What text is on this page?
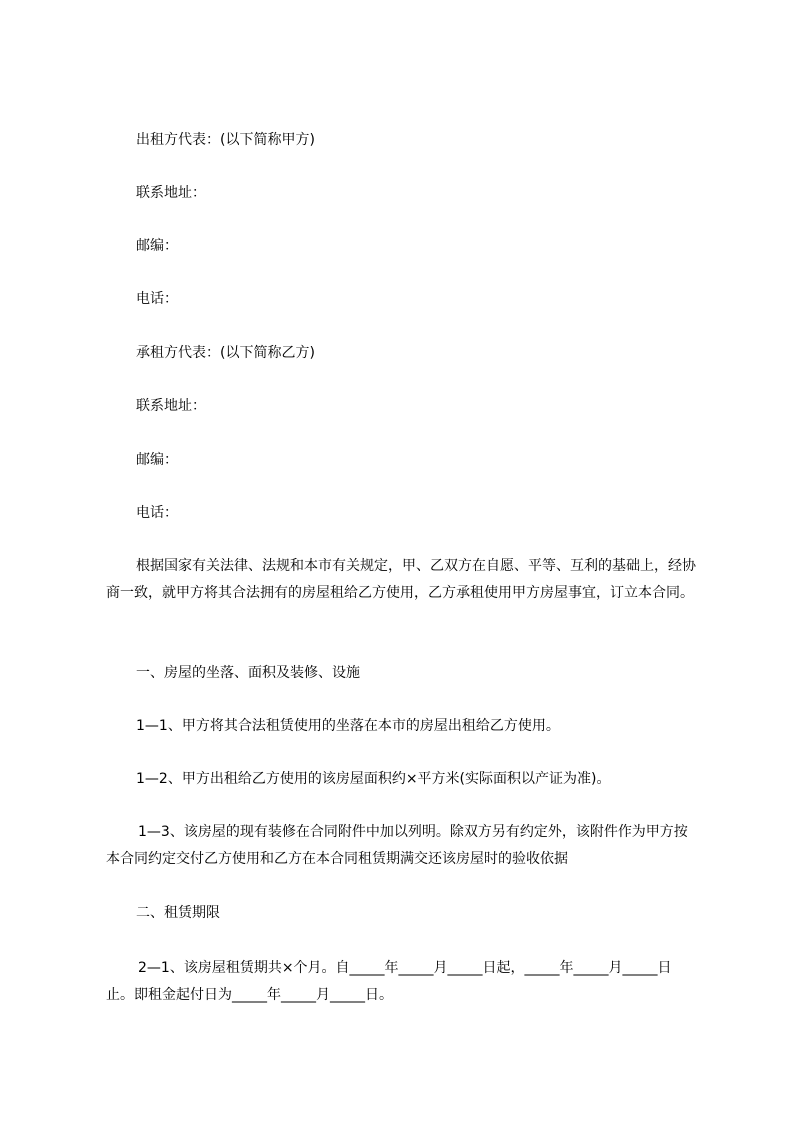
出租方代表：(以下简称甲方)
联系地址：
邮编：
电话：
承租方代表：(以下简称乙方)
联系地址：
邮编：
电话：
根据国家有关法律、法规和本市有关规定，甲、乙双方在自愿、平等、互利的基础上，经协商一致，就甲方将其合法拥有的房屋租给乙方使用，乙方承租使用甲方房屋事宜，订立本合同。
一、房屋的坐落、面积及装修、设施
1—1、甲方将其合法租赁使用的坐落在本市的房屋出租给乙方使用。
1—2、甲方出租给乙方使用的该房屋面积约×平方米(实际面积以产证为准)。
1—3、该房屋的现有装修在合同附件中加以列明。除双方另有约定外，该附件作为甲方按本合同约定交付乙方使用和乙方在本合同租赁期满交还该房屋时的验收依据
二、租赁期限
2—1、该房屋租赁期共×个月。自_____年_____月_____日起，_____年_____月_____日止。即租金起付日为_____年_____月_____日。
